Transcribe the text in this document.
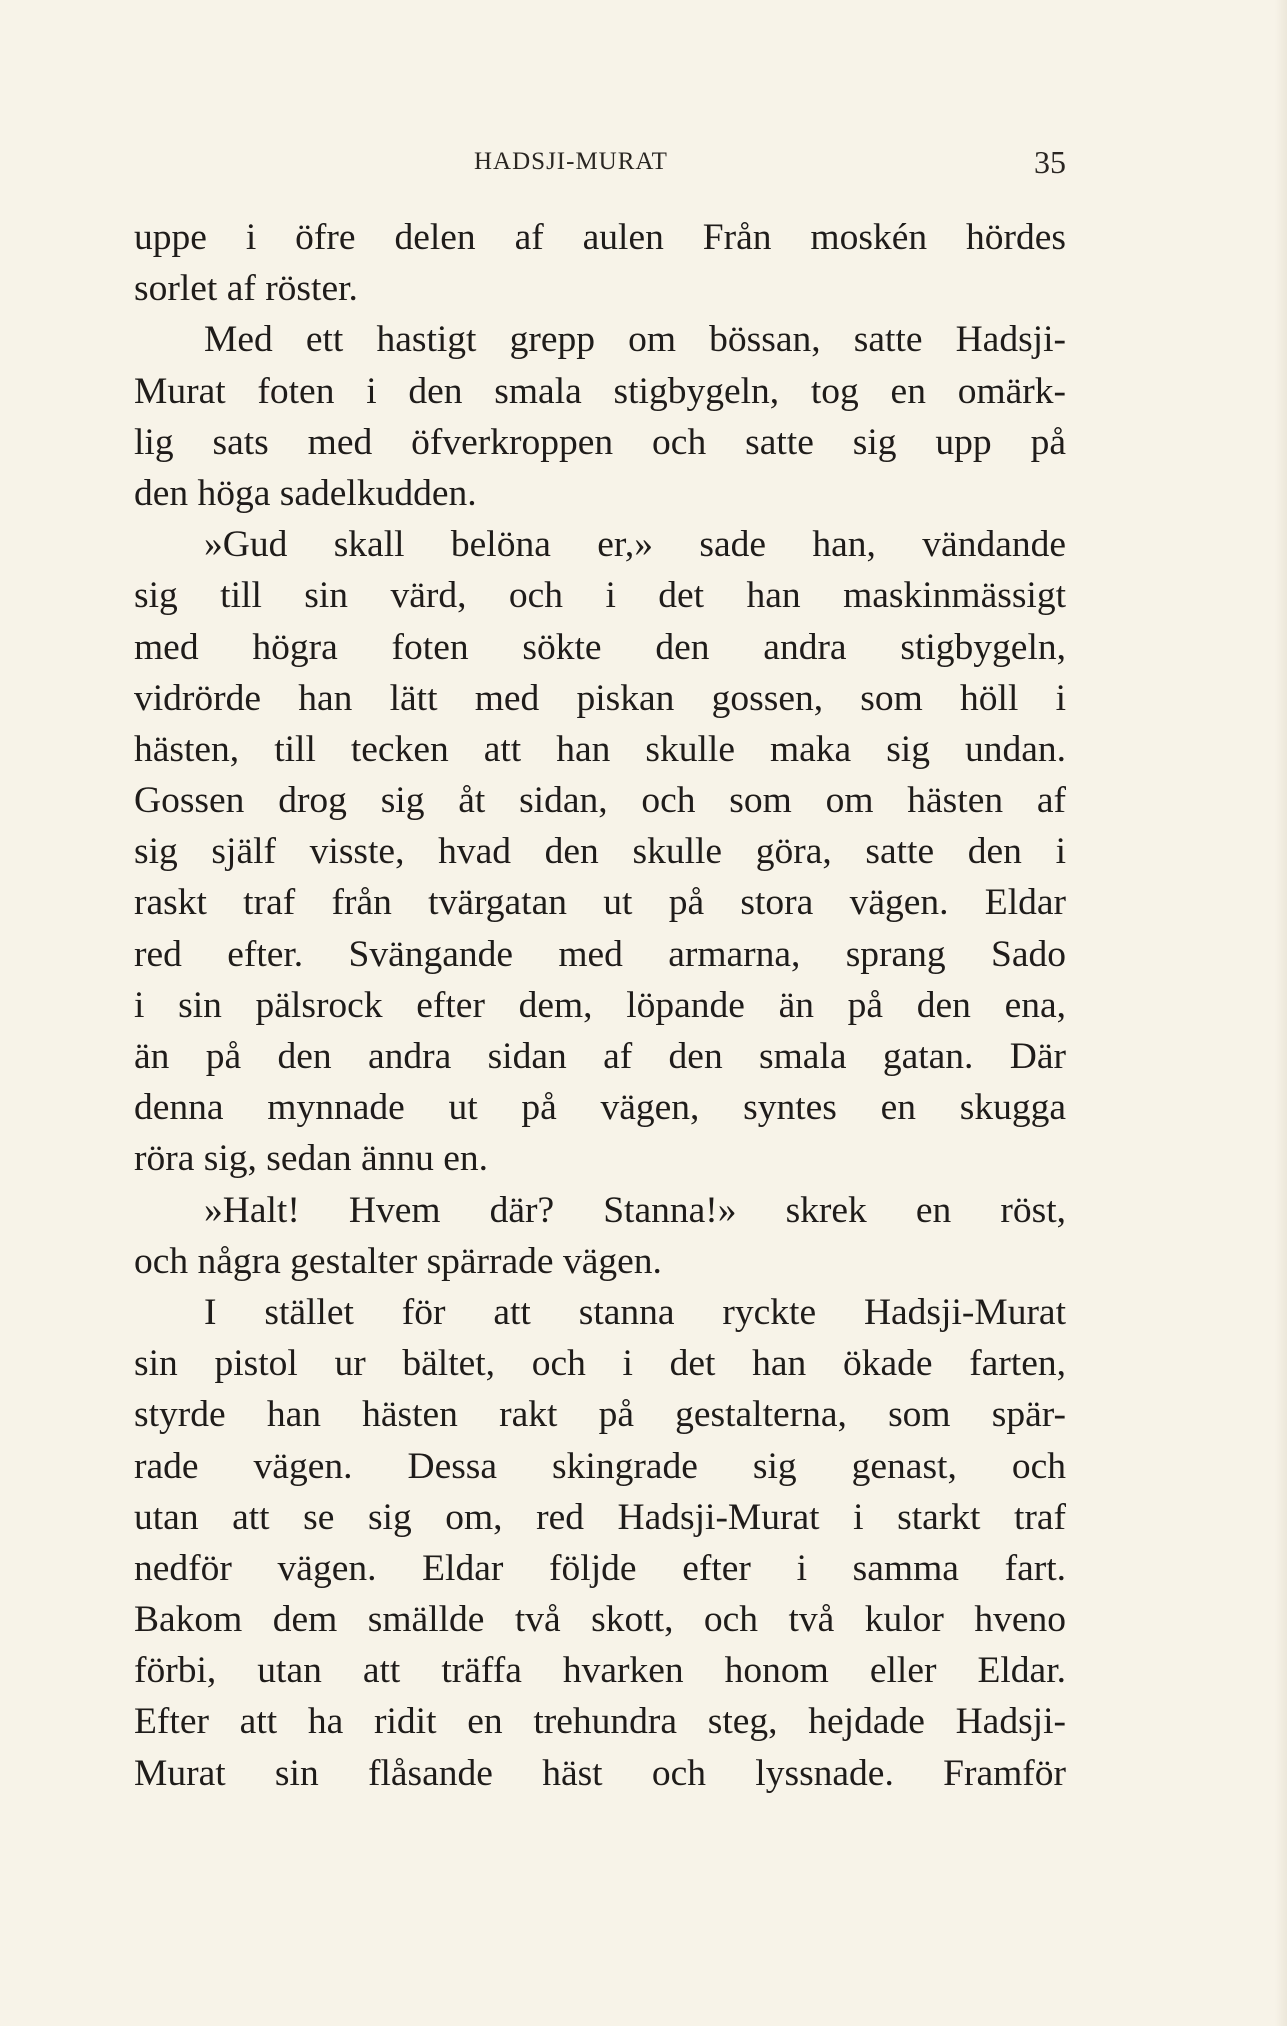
HADSJI-MURAT	35
uppe i öfre delen af aulen Från moskén hördes
sorlet af röster.
Med ett hastigt grepp om bössan, satte Hadsji-
Murat foten i den smala stigbygeln, tog en omärk-
lig sats med öfverkroppen och satte sig upp på
den höga sadelkudden.
»Gud skall belöna er,» sade han, vändande
sig till sin värd, och i det han maskinmässigt
med högra foten sökte den andra stigbygeln,
vidrörde han lätt med piskan gossen, som höll i
hästen, till tecken att han skulle maka sig undan.
Gossen drog sig åt sidan, och som om hästen af
sig själf visste, hvad den skulle göra, satte den i
raskt traf från tvärgatan ut på stora vägen. Eldar
red efter. Svängande med armarna, sprang Sado
i sin pälsrock efter dem, löpande än på den ena,
än på den andra sidan af den smala gatan. Där
denna mynnade ut på vägen, syntes en skugga
röra sig, sedan ännu en.
»Halt! Hvem där? Stanna!» skrek en röst,
och några gestalter spärrade vägen.
I stället för att stanna ryckte Hadsji-Murat
sin pistol ur bältet, och i det han ökade farten,
styrde han hästen rakt på gestalterna, som spär-
rade vägen. Dessa skingrade sig genast, och
utan att se sig om, red Hadsji-Murat i starkt traf
nedför vägen. Eldar följde efter i samma fart.
Bakom dem smällde två skott, och två kulor hveno
förbi, utan att träffa hvarken honom eller Eldar.
Efter att ha ridit en trehundra steg, hejdade Hadsji-
Murat sin flåsande häst och lyssnade. Framför
